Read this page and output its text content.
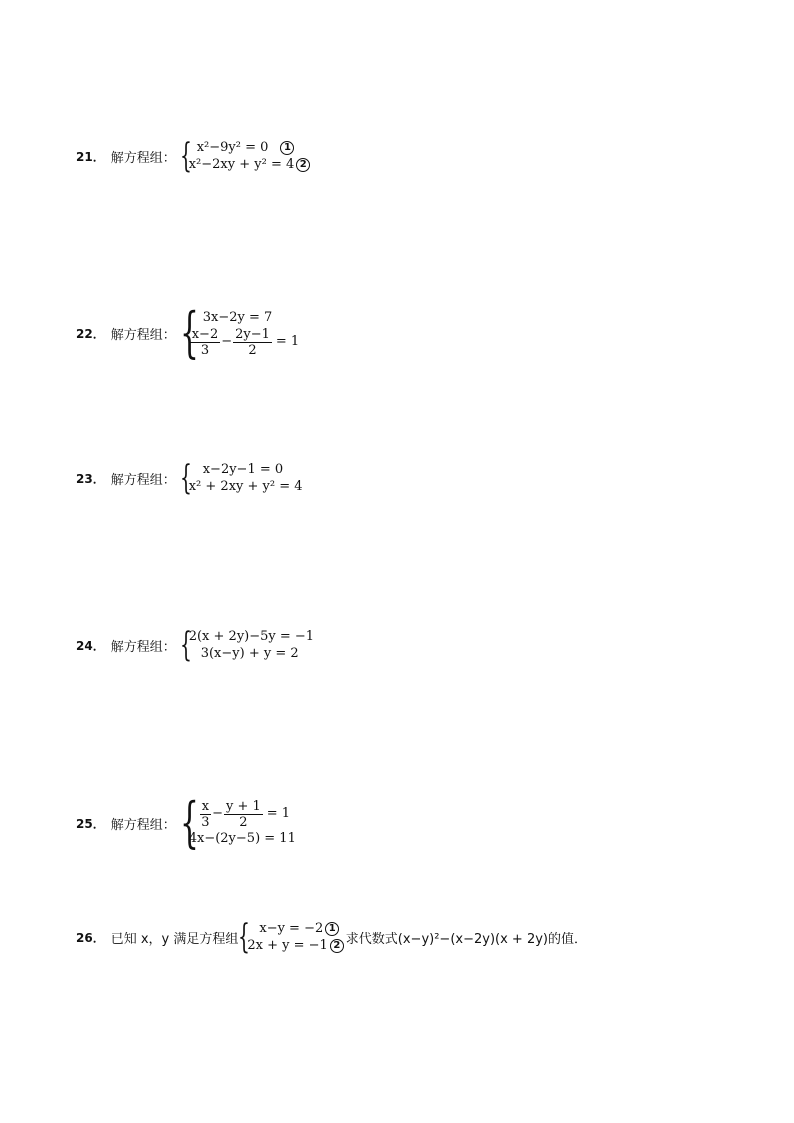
21． 解方程组： { x²−9y² = 0	1
x²−2xy + y² = 4 2
22． 解方程组： { 3x−2y = 7
$\frac{x-2}{3} - \frac{2y-1}{2} = 1$
23． 解方程组： { x−2y−1 = 0
x² + 2xy + y² = 4
24． 解方程组： {
2(x + 2y)−5y = −1
3(x−y) + y = 2
25． 解方程组： { $\frac{x}{3} - \frac{y + 1}{2} = 1$
4x−(2y−5) = 11
26． 已知 x，y 满足方程组 { x−y = −2 1
2x + y = −1 2 求代数式(x−y)²−(x−2y)(x + 2y)的值．
